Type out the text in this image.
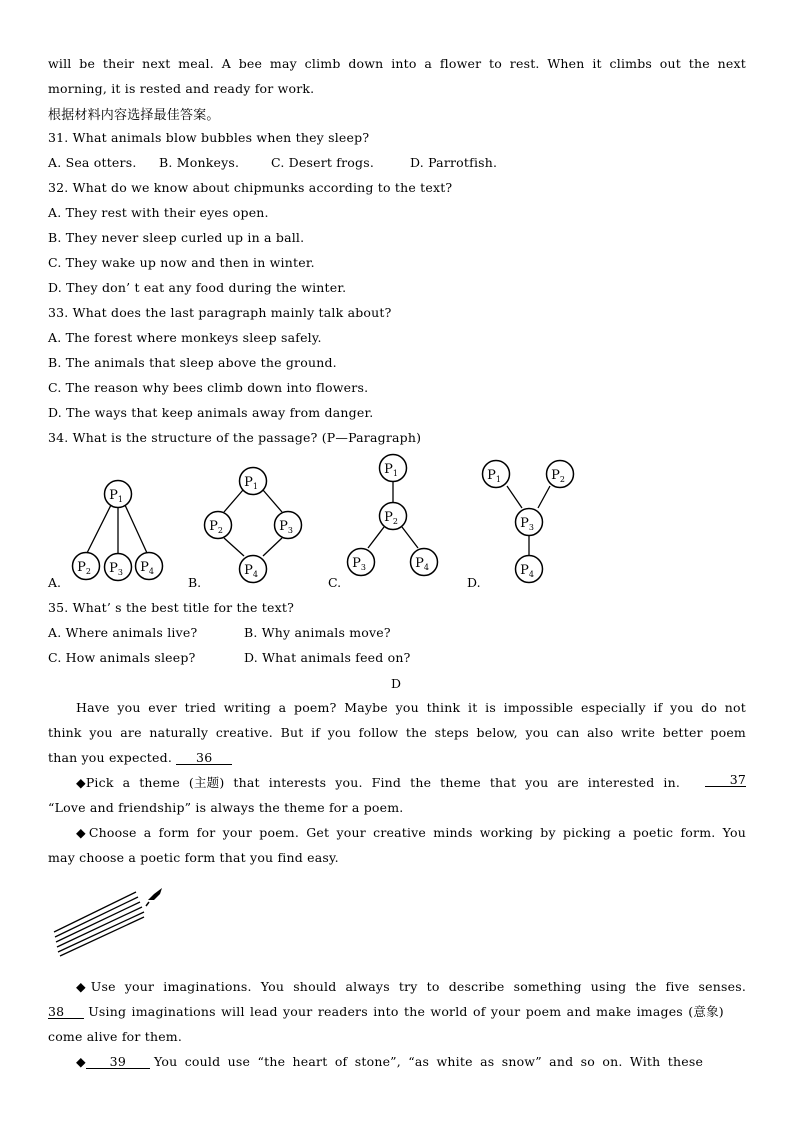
will be their next meal. A bee may climb down into a flower to rest. When it climbs out the next
morning, it is rested and ready for work.
根据材料内容选择最佳答案。
31. What animals blow bubbles when they sleep?
A. Sea otters. B. Monkeys.	C. Desert frogs.	D. Parrotfish.
32. What do we know about chipmunks according to the text?
A. They rest with their eyes open.
B. They never sleep curled up in a ball.
C. They wake up now and then in winter.
D. They don’ t eat any food during the winter.
33. What does the last paragraph mainly talk about?
A. The forest where monkeys sleep safely.
B. The animals that sleep above the ground.
C. The reason why bees climb down into flowers.
D. The ways that keep animals away from danger.
34. What is the structure of the passage? (P—Paragraph)
$P_1$
$P_2$ $P_3$ $P_4$
$P_1$
$P_2$	$P_3$
$P_4$
$P_1$
$P_2$
$P_3$	$P_4$
$P_1$	$P_2$
$P_3$
$P_4$
A.	B.	C.	D.
35. What’ s the best title for the text?
A. Where animals live?	B. Why animals move?
C. How animals sleep?	D. What animals feed on?
D
Have you ever tried writing a poem? Maybe you think it is impossible especially if you do not
think you are naturally creative. But if you follow the steps below, you can also write better poem
than you expected. 36
◆Pick a theme (主题) that interests you. Find the theme that you are interested in.	37
“Love and friendship” is always the theme for a poem.
◆Choose a form for your poem. Get your creative minds working by picking a poetic form. You
may choose a poetic form that you find easy.
◆Use your imaginations. You should always try to describe something using the five senses.
38 Using imaginations will lead your readers into the world of your poem and make images (意象)
come alive for them.
◆ 39 You could use “the heart of stone”, “as white as snow” and so on. With these
